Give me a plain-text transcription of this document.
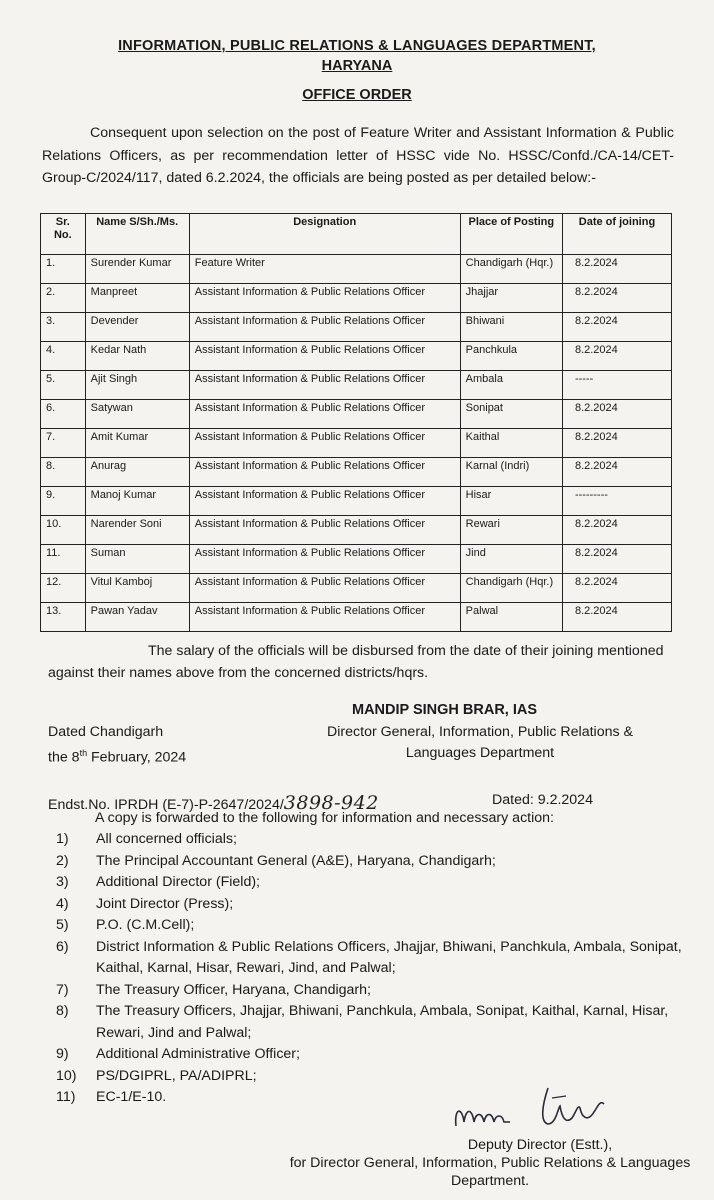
INFORMATION, PUBLIC RELATIONS & LANGUAGES DEPARTMENT,
HARYANA
OFFICE ORDER
Consequent upon selection on the post of Feature Writer and Assistant Information & Public Relations Officers, as per recommendation letter of HSSC vide No. HSSC/Confd./CA-14/CET-Group-C/2024/117, dated 6.2.2024, the officials are being posted as per detailed below:-
Sr. No.	Name S/Sh./Ms.	Designation	Place of Posting	Date of joining
1.	Surender Kumar	Feature Writer	Chandigarh (Hqr.)	8.2.2024
2.	Manpreet	Assistant Information & Public Relations Officer	Jhajjar	8.2.2024
3.	Devender	Assistant Information & Public Relations Officer	Bhiwani	8.2.2024
4.	Kedar Nath	Assistant Information & Public Relations Officer	Panchkula	8.2.2024
5.	Ajit Singh	Assistant Information & Public Relations Officer	Ambala	-----
6.	Satywan	Assistant Information & Public Relations Officer	Sonipat	8.2.2024
7.	Amit Kumar	Assistant Information & Public Relations Officer	Kaithal	8.2.2024
8.	Anurag	Assistant Information & Public Relations Officer	Karnal (Indri)	8.2.2024
9.	Manoj Kumar	Assistant Information & Public Relations Officer	Hisar	---------
10.	Narender Soni	Assistant Information & Public Relations Officer	Rewari	8.2.2024
11.	Suman	Assistant Information & Public Relations Officer	Jind	8.2.2024
12.	Vitul Kamboj	Assistant Information & Public Relations Officer	Chandigarh (Hqr.)	8.2.2024
13.	Pawan Yadav	Assistant Information & Public Relations Officer	Palwal	8.2.2024
The salary of the officials will be disbursed from the date of their joining mentioned against their names above from the concerned districts/hqrs.
MANDIP SINGH BRAR, IAS
Dated Chandigarh
the 8th February, 2024
Director General, Information, Public Relations & Languages Department
Endst.No. IPRDH (E-7)-P-2647/2024/3898-942	Dated: 9.2.2024
A copy is forwarded to the following for information and necessary action:
1)	All concerned officials;
2)	The Principal Accountant General (A&E), Haryana, Chandigarh;
3)	Additional Director (Field);
4)	Joint Director (Press);
5)	P.O. (C.M.Cell);
6)	District Information & Public Relations Officers, Jhajjar, Bhiwani, Panchkula, Ambala, Sonipat, Kaithal, Karnal, Hisar, Rewari, Jind, and Palwal;
7)	The Treasury Officer, Haryana, Chandigarh;
8)	The Treasury Officers, Jhajjar, Bhiwani, Panchkula, Ambala, Sonipat, Kaithal, Karnal, Hisar, Rewari, Jind and Palwal;
9)	Additional Administrative Officer;
10)	PS/DGIPRL, PA/ADIPRL;
11)	EC-1/E-10.
Deputy Director (Estt.),
for Director General, Information, Public Relations & Languages Department.
